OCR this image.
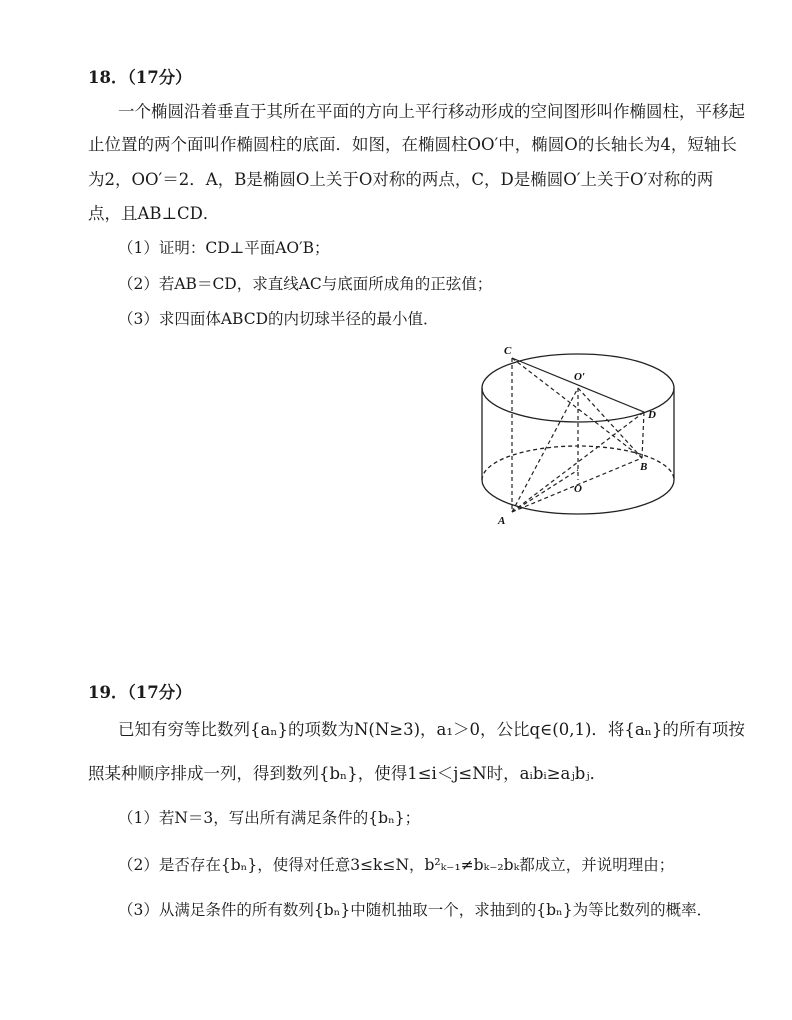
18．（17分）
一个椭圆沿着垂直于其所在平面的方向上平行移动形成的空间图形叫作椭圆柱，平移起
止位置的两个面叫作椭圆柱的底面．如图，在椭圆柱OO′中，椭圆O的长轴长为4，短轴长
为2，OO′＝2．A，B是椭圆O上关于O对称的两点，C，D是椭圆O′上关于O′对称的两
点，且AB⊥CD．
（1）证明：CD⊥平面AO′B；
（2）若AB＝CD，求直线AC与底面所成角的正弦值；
（3）求四面体ABCD的内切球半径的最小值．
C
O′
D
B
O
A
19．（17分）
已知有穷等比数列{aₙ}的项数为N(N≥3)，a₁＞0，公比q∈(0,1)．将{aₙ}的所有项按
照某种顺序排成一列，得到数列{bₙ}，使得1≤i＜j≤N时，aᵢbᵢ≥aⱼbⱼ．
（1）若N＝3，写出所有满足条件的{bₙ}；
（2）是否存在{bₙ}，使得对任意3≤k≤N，b²ₖ₋₁≠bₖ₋₂bₖ都成立，并说明理由；
（3）从满足条件的所有数列{bₙ}中随机抽取一个，求抽到的{bₙ}为等比数列的概率．
